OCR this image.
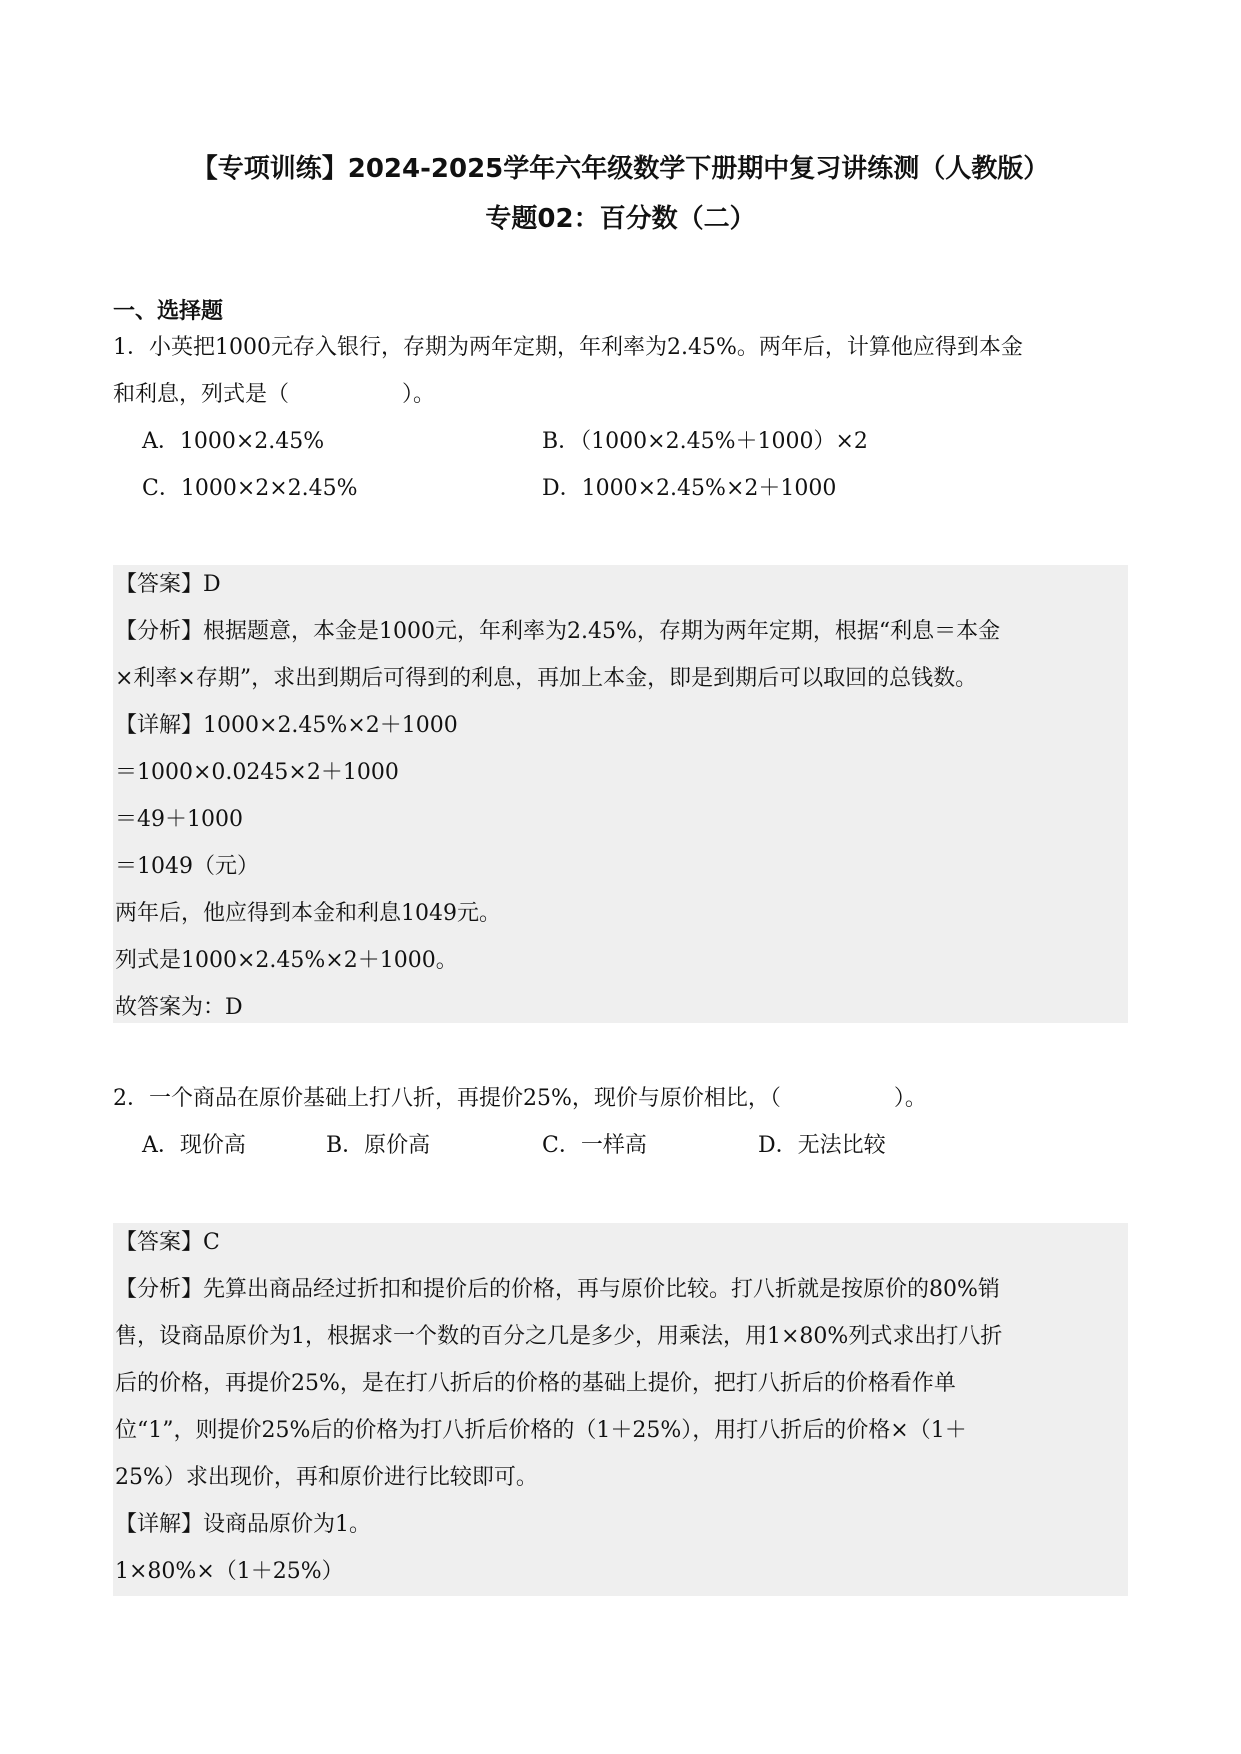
【专项训练】2024-2025学年六年级数学下册期中复习讲练测（人教版）
专题02：百分数（二）
一、选择题
1．小英把1000元存入银行，存期为两年定期，年利率为2.45%。两年后，计算他应得到本金
和利息，列式是（	）。
A．1000×2.45%	B．（1000×2.45%＋1000）×2
C．1000×2×2.45%	D．1000×2.45%×2＋1000
【答案】D
【分析】根据题意，本金是1000元，年利率为2.45%，存期为两年定期，根据“利息＝本金
×利率×存期”，求出到期后可得到的利息，再加上本金，即是到期后可以取回的总钱数。
【详解】1000×2.45%×2＋1000
＝1000×0.0245×2＋1000
＝49＋1000
＝1049（元）
两年后，他应得到本金和利息1049元。
列式是1000×2.45%×2＋1000。
故答案为：D
2．一个商品在原价基础上打八折，再提价25%，现价与原价相比，（	）。
A．现价高	B．原价高	C．一样高	D．无法比较
【答案】C
【分析】先算出商品经过折扣和提价后的价格，再与原价比较。打八折就是按原价的80%销
售，设商品原价为1，根据求一个数的百分之几是多少，用乘法，用1×80%列式求出打八折
后的价格，再提价25%，是在打八折后的价格的基础上提价，把打八折后的价格看作单
位“1”，则提价25%后的价格为打八折后价格的（1＋25%），用打八折后的价格×（1＋
25%）求出现价，再和原价进行比较即可。
【详解】设商品原价为1。
1×80%×（1＋25%）
